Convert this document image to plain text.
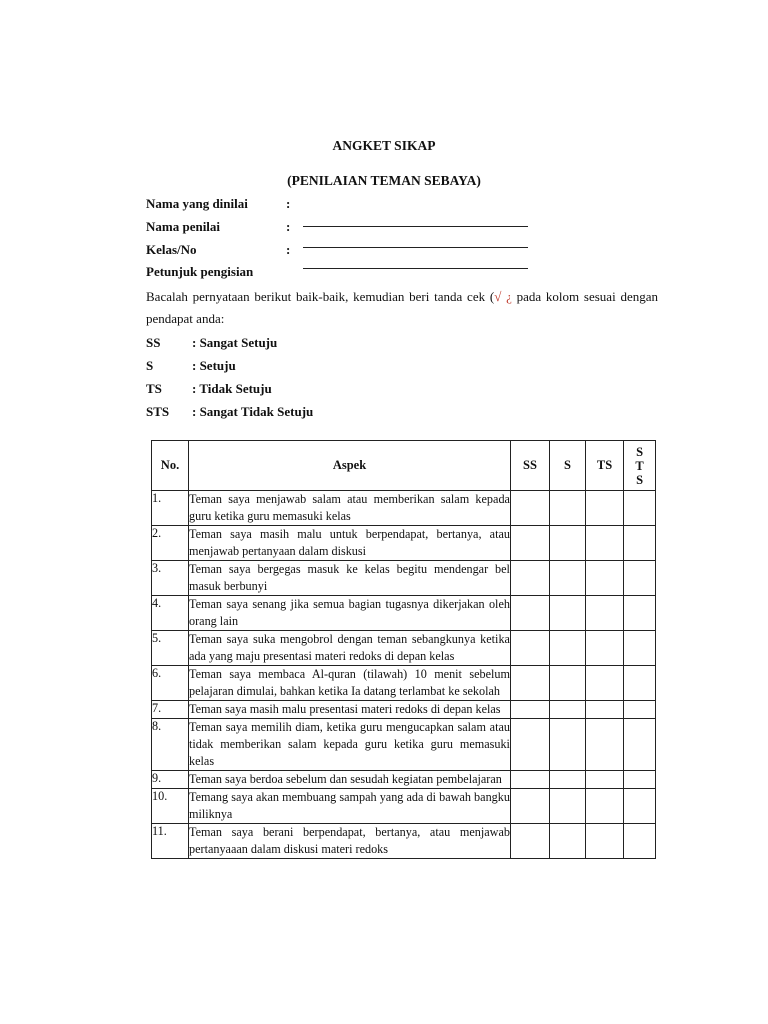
ANGKET SIKAP
(PENILAIAN TEMAN SEBAYA)
Nama yang dinilai	:
Nama penilai	:
Kelas/No	:
Petunjuk pengisian
Bacalah pernyataan berikut baik-baik, kemudian beri tanda cek (√ ¿ pada kolom sesuai dengan pendapat anda:
SS : Sangat Setuju
S	: Setuju
TS : Tidak Setuju
STS : Sangat Tidak Setuju
No.	Aspek	SS	S	TS	S
T
S

1.	Teman saya menjawab salam atau memberikan salam kepada guru ketika guru memasuki kelas				
2.	Teman saya masih malu untuk berpendapat, bertanya, atau menjawab pertanyaan dalam diskusi				
3.	Teman saya bergegas masuk ke kelas begitu mendengar bel masuk berbunyi				
4.	Teman saya senang jika semua bagian tugasnya dikerjakan oleh orang lain				
5.	Teman saya suka mengobrol dengan teman sebangkunya ketika ada yang maju presentasi materi redoks di depan kelas				
6.	Teman saya membaca Al-quran (tilawah) 10 menit sebelum pelajaran dimulai, bahkan ketika Ia datang terlambat ke sekolah				
7.	Teman saya masih malu presentasi materi redoks di depan kelas				
8.	Teman saya memilih diam, ketika guru mengucapkan salam atau tidak memberikan salam kepada guru ketika guru memasuki kelas				
9.	Teman saya berdoa sebelum dan sesudah kegiatan pembelajaran				
10.	Temang saya akan membuang sampah yang ada di bawah bangku miliknya				
11.	Teman saya berani berpendapat, bertanya, atau menjawab pertanyaaan dalam diskusi materi redoks				
